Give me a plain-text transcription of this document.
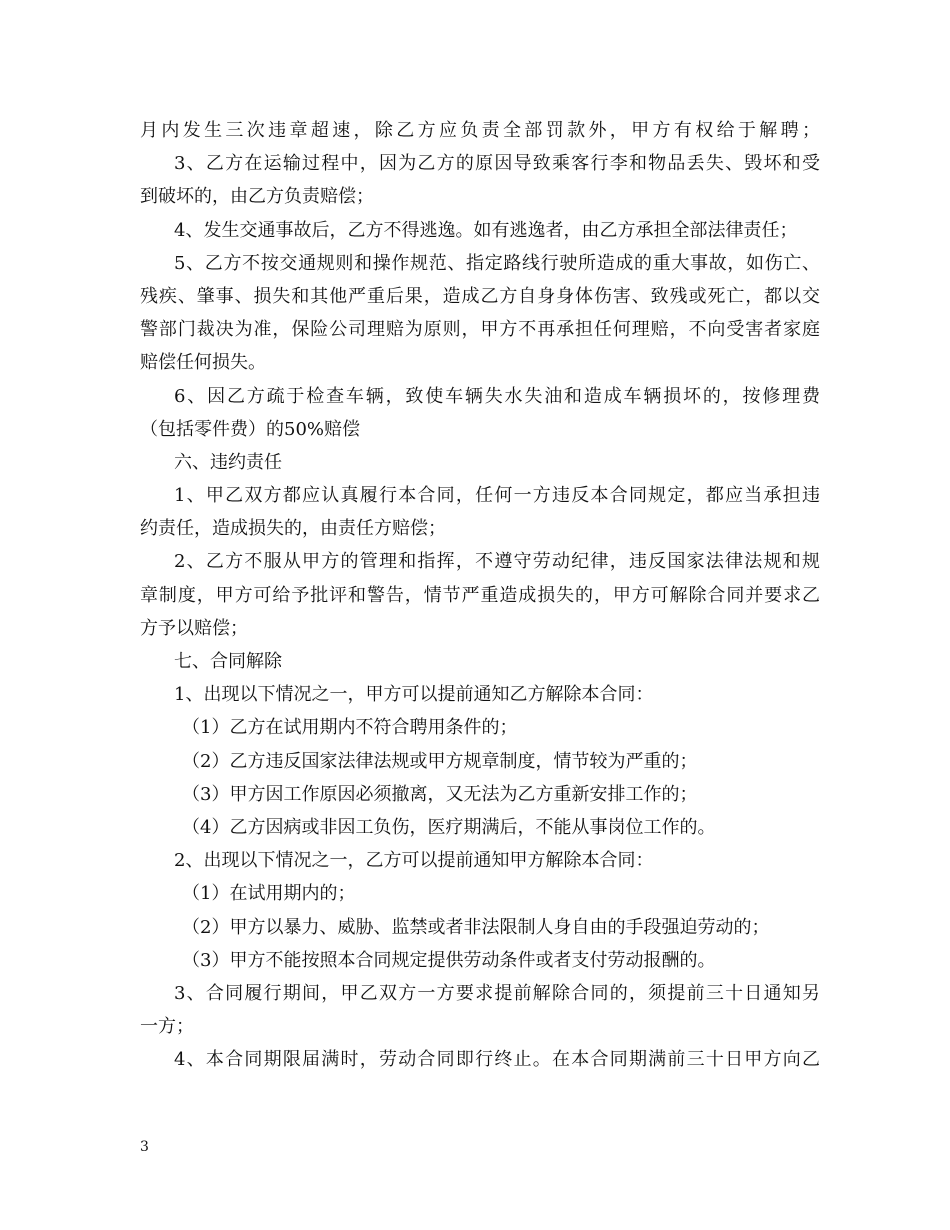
月内发生三次违章超速，除乙方应负责全部罚款外，甲方有权给于解聘；
3、乙方在运输过程中，因为乙方的原因导致乘客行李和物品丢失、毁坏和受
到破坏的，由乙方负责赔偿；
4、发生交通事故后，乙方不得逃逸。如有逃逸者，由乙方承担全部法律责任；
5、乙方不按交通规则和操作规范、指定路线行驶所造成的重大事故，如伤亡、
残疾、肇事、损失和其他严重后果，造成乙方自身身体伤害、致残或死亡，都以交
警部门裁决为准，保险公司理赔为原则，甲方不再承担任何理赔，不向受害者家庭
赔偿任何损失。
6、因乙方疏于检查车辆，致使车辆失水失油和造成车辆损坏的，按修理费
（包括零件费）的50%赔偿
六、违约责任
1、甲乙双方都应认真履行本合同，任何一方违反本合同规定，都应当承担违
约责任，造成损失的，由责任方赔偿；
2、乙方不服从甲方的管理和指挥，不遵守劳动纪律，违反国家法律法规和规
章制度，甲方可给予批评和警告，情节严重造成损失的，甲方可解除合同并要求乙
方予以赔偿；
七、合同解除
1、出现以下情况之一，甲方可以提前通知乙方解除本合同：
（1）乙方在试用期内不符合聘用条件的；
（2）乙方违反国家法律法规或甲方规章制度，情节较为严重的；
（3）甲方因工作原因必须撤离，又无法为乙方重新安排工作的；
（4）乙方因病或非因工负伤，医疗期满后，不能从事岗位工作的。
2、出现以下情况之一，乙方可以提前通知甲方解除本合同：
（1）在试用期内的；
（2）甲方以暴力、威胁、监禁或者非法限制人身自由的手段强迫劳动的；
（3）甲方不能按照本合同规定提供劳动条件或者支付劳动报酬的。
3、合同履行期间，甲乙双方一方要求提前解除合同的，须提前三十日通知另
一方；
4、本合同期限届满时，劳动合同即行终止。在本合同期满前三十日甲方向乙
3
